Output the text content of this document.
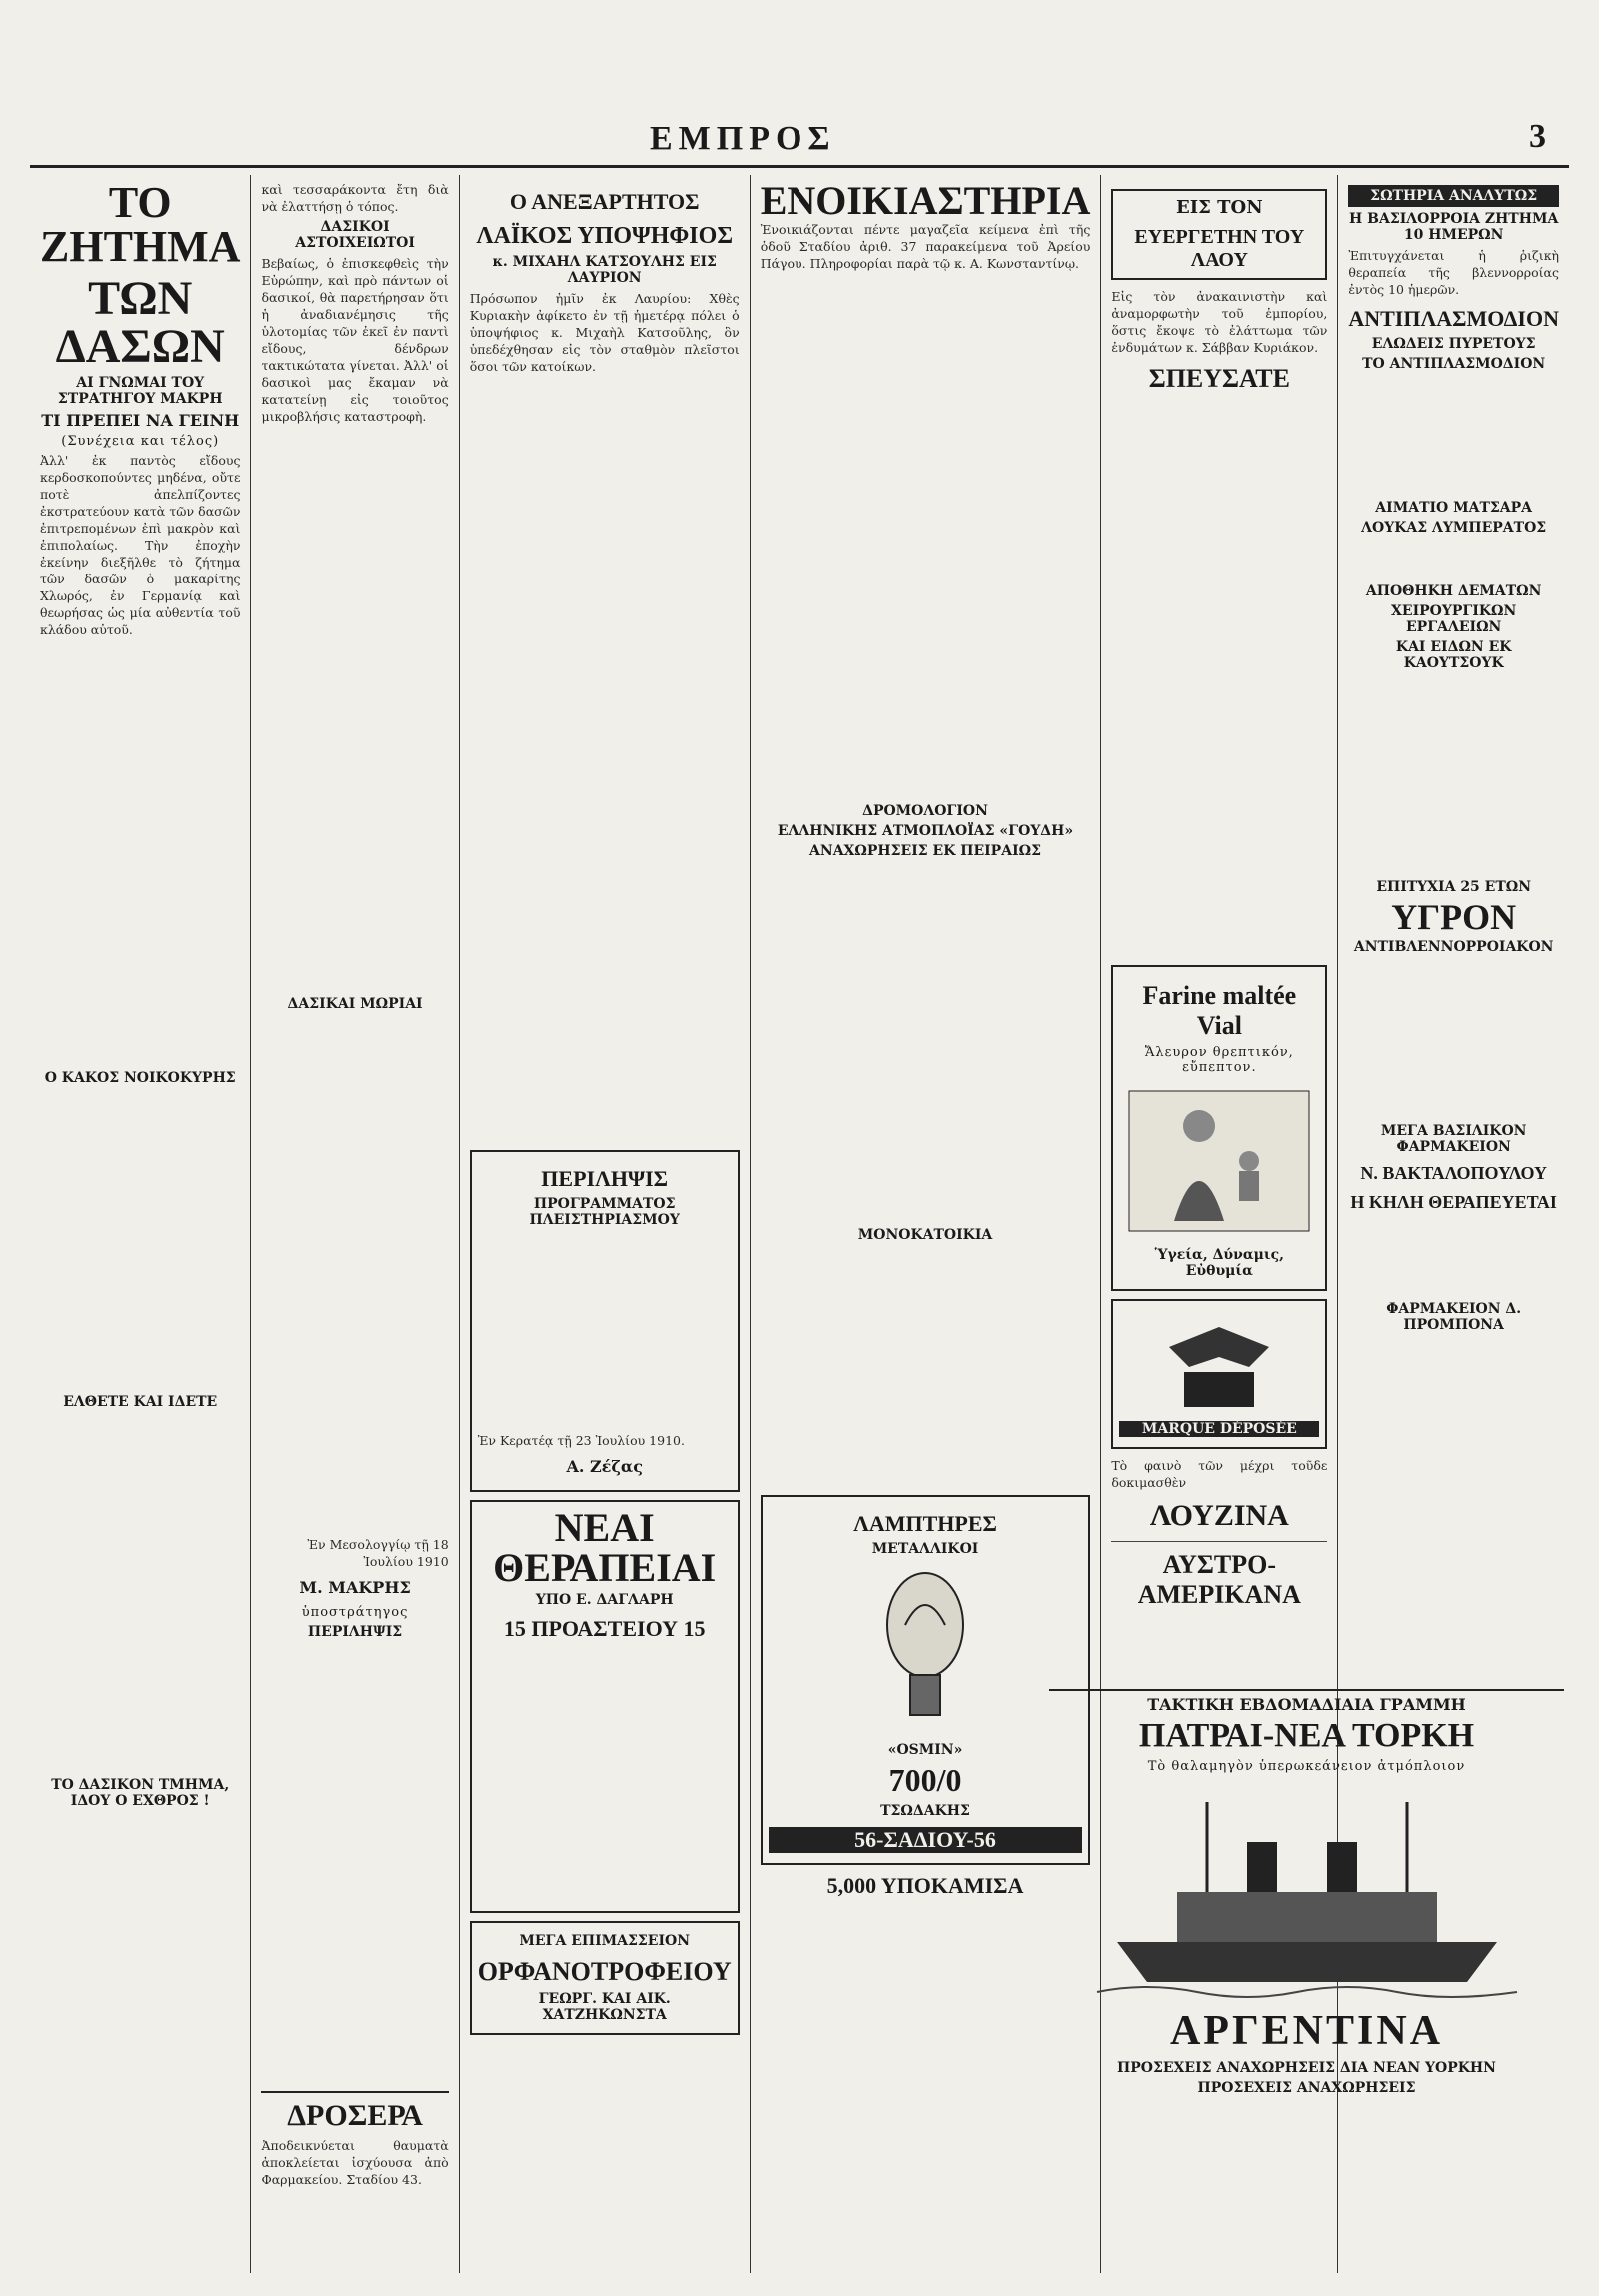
ΕΜΠΡΟΣ	3
ΤΟ ΖΗΤΗΜΑ
ΤΩΝ ΔΑΣΩΝ
ΑΙ ΓΝΩΜΑΙ ΤΟΥ ΣΤΡΑΤΗΓΟΥ ΜΑΚΡΗ
ΤΙ ΠΡΕΠΕΙ ΝΑ ΓΕΙΝΗ
(Συνέχεια και τέλος)

Ἀλλ' ἐκ παντὸς εἴδους κερδοσκοπούντες μηδένα, οὔτε ποτὲ ἀπελπίζοντες ἐκστρατεύουν κατὰ τῶν δασῶν ἐπιτρεπομένων ἐπὶ μακρὸν καὶ ἐπιπολαίως. Τὴν ἐποχὴν ἐκείνην διεξῆλθε τὸ ζήτημα τῶν δασῶν ὁ μακαρίτης Χλωρός, ἐν Γερμανίᾳ καὶ θεωρήσας ὡς μία αὐθεντία τοῦ κλάδου αὐτοῦ.

Ο ΚΑΚΟΣ ΝΟΙΚΟΚΥΡΗΣ
ΕΛΘΕΤΕ ΚΑΙ ΙΔΕΤΕ
ΤΟ ΔΑΣΙΚΟΝ ΤΜΗΜΑ, ΙΔΟΥ Ο ΕΧΘΡΟΣ !
καὶ τεσσαράκοντα ἔτη διὰ νὰ ἐλαττήσῃ ὁ τόπος.
ΔΑΣΙΚΟΙ ΑΣΤΟΙΧΕΙΩΤΟΙ

Βεβαίως, ὁ ἐπισκεφθεὶς τὴν Εὐρώπην, καὶ πρὸ πάντων οἱ δασικοί, θὰ παρετήρησαν ὅτι ἡ ἀναδιανέμησις τῆς ὑλοτομίας τῶν ἐκεῖ ἐν παντὶ εἴδους, δένδρων τακτικώτατα γίνεται. Ἀλλ' οἱ δασικοὶ μας ἔκαμαν νὰ κατατείνῃ εἰς τοιοῦτος μικροβλήσις καταστροφὴ.

ΔΑΣΙΚΑΙ ΜΩΡΙΑΙ
Ἐν Μεσολογγίῳ τῇ 18 Ἰουλίου 1910
Μ. ΜΑΚΡΗΣ
ὑποστράτηγος
ΠΕΡΙΛΗΨΙΣ
ΔΡΟΣΕΡΑ
Ἀποδεικνύεται θαυματὰ ἀποκλείεται ἰσχύουσα ἀπὸ Φαρμακείου. Σταδίου 43.
Ο ΑΝΕΞΑΡΤΗΤΟΣ
ΛΑΪΚΟΣ ΥΠΟΨΗΦΙΟΣ
κ. ΜΙΧΑΗΛ ΚΑΤΣΟΥΛΗΣ ΕΙΣ ΛΑΥΡΙΟΝ

Πρόσωπον ἡμῖν ἐκ Λαυρίου: Χθὲς Κυριακὴν ἀφίκετο ἐν τῇ ἡμετέρᾳ πόλει ὁ ὑποψήφιος κ. Μιχαὴλ Κατσοῦλης, ὃν ὑπεδέχθησαν εἰς τὸν σταθμὸν πλεῖστοι ὅσοι τῶν κατοίκων.

ΠΕΡΙΛΗΨΙΣ
ΠΡΟΓΡΑΜΜΑΤΟΣ ΠΛΕΙΣΤΗΡΙΑΣΜΟΥ
Ἐν Κερατέᾳ τῇ 23 Ἰουλίου 1910.
Α. Ζέζας
ΝΕΑΙ ΘΕΡΑΠΕΙΑΙ
ΥΠΟ Ε. ΔΑΓΛΑΡΗ
15 ΠΡΟΑΣΤΕΙΟΥ 15
ΜΕΓΑ ΕΠΙΜΑΣΣΕΙΟΝ
ΟΡΦΑΝΟΤΡΟΦΕΙΟΥ
ΓΕΩΡΓ. ΚΑΙ ΑΙΚ. ΧΑΤΖΗΚΩΝΣΤΑ
ΕΝΟΙΚΙΑΣΤΗΡΙΑ

Ἐνοικιάζονται πέντε μαγαζεῖα κείμενα ἐπὶ τῆς ὁδοῦ Σταδίου ἀριθ. 37 παρακείμενα τοῦ Ἀρείου Πάγου. Πληροφορίαι παρὰ τῷ κ. Α. Κωνσταντίνῳ.

ΔΡΟΜΟΛΟΓΙΟΝ
ΕΛΛΗΝΙΚΗΣ ΑΤΜΟΠΛΟΪΑΣ «ΓΟΥΔΗ»
ΑΝΑΧΩΡΗΣΕΙΣ ΕΚ ΠΕΙΡΑΙΩΣ
ΜΟΝΟΚΑΤΟΙΚΙΑ
ΛΑΜΠΤΗΡΕΣ
ΜΕΤΑΛΛΙΚΟΙ
«OSMIN»
700/0
ΤΣΩΔΑΚΗΣ
56-ΣΑΔΙΟΥ-56
5,000 ΥΠΟΚΑΜΙΣΑ
ΕΙΣ ΤΟΝ
ΕΥΕΡΓΕΤΗΝ ΤΟΥ ΛΑΟΥ

Εἰς τὸν ἀνακαινιστὴν καὶ ἀναμορφωτὴν τοῦ ἐμπορίου, ὅστις ἔκοψε τὸ ἐλάττωμα τῶν ἐνδυμάτων κ. Σάββαν Κυριάκον.

ΣΠΕΥΣΑΤΕ
Farine maltée Vial
Ἄλευρον θρεπτικόν, εὔπεπτον.
Ὑγεία, Δύναμις, Εὐθυμία
MARQUE DÉPOSÉE
Τὸ φαινὸ τῶν μέχρι τοῦδε δοκιμασθὲν
ΛΟΥΖΙΝΑ
ΑΥΣΤΡΟ-ΑΜΕΡΙΚΑΝΑ
ΣΩΤΗΡΙΑ ΑΝΑΛΥΤΩΣ
Η ΒΑΣΙΛΟΡΡΟΙΑ ΖΗΤΗΜΑ 10 ΗΜΕΡΩΝ

Ἐπιτυγχάνεται ἡ ῥιζικὴ θεραπεία τῆς βλεννορροίας ἐντὸς 10 ἡμερῶν.

ΑΝΤΙΠΛΑΣΜΟΔΙΟΝ
ΕΛΩΔΕΙΣ ΠΥΡΕΤΟΥΣ
ΤΟ ΑΝΤΙΠΛΑΣΜΟΔΙΟΝ
ΑΙΜΑΤΙΟ ΜΑΤΣΑΡΑ
ΛΟΥΚΑΣ ΛΥΜΠΕΡΑΤΟΣ
ΑΠΟΘΗΚΗ ΔΕΜΑΤΩΝ
ΧΕΙΡΟΥΡΓΙΚΩΝ ΕΡΓΑΛΕΙΩΝ
ΚΑΙ ΕΙΔΩΝ ΕΚ ΚΑΟΥΤΣΟΥΚ
ΕΠΙΤΥΧΙΑ 25 ΕΤΩΝ
ΥΓΡΟΝ
ΑΝΤΙΒΛΕΝΝΟΡΡΟΙΑΚΟΝ
ΜΕΓΑ ΒΑΣΙΛΙΚΟΝ ΦΑΡΜΑΚΕΙΟΝ
Ν. ΒΑΚΤΑΛΟΠΟΥΛΟΥ
Η ΚΗΛΗ ΘΕΡΑΠΕΥΕΤΑΙ
ΦΑΡΜΑΚΕΙΟΝ Δ. ΠΡΟΜΠΟΝΑ
ΤΑΚΤΙΚΗ ΕΒΔΟΜΑΔΙΑΙΑ ΓΡΑΜΜΗ
ΠΑΤΡΑΙ-ΝΕΑ ΤΟΡΚΗ
Τὸ θαλαμηγὸν ὑπερωκεάνειον ἀτμόπλοιον
ΑΡΓΕΝΤΙΝΑ
ΠΡΟΣΕΧΕΙΣ ΑΝΑΧΩΡΗΣΕΙΣ ΔΙΑ ΝΕΑΝ ΥΟΡΚΗΝ
ΠΡΟΣΕΧΕΙΣ ΑΝΑΧΩΡΗΣΕΙΣ
